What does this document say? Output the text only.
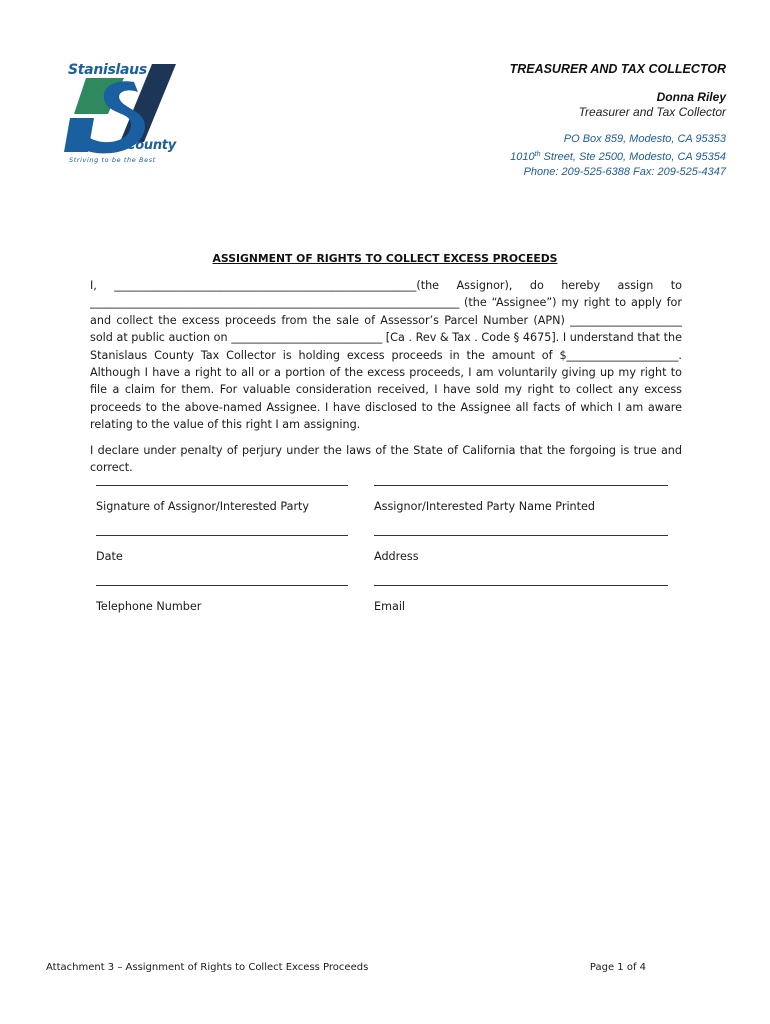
Stanislaus
County
Striving to be the Best
TREASURER AND TAX COLLECTOR
Donna Riley
Treasurer and Tax Collector
PO Box 859, Modesto, CA 95353
1010th Street, Ste 2500, Modesto, CA 95354
Phone: 209-525-6388 Fax: 209-525-4347
ASSIGNMENT OF RIGHTS TO COLLECT EXCESS PROCEEDS
I, ______________________________________________________(the Assignor), do hereby assign to __________________________________________________________________ (the “Assignee”) my right to apply for and collect the excess proceeds from the sale of Assessor’s Parcel Number (APN) ____________________ sold at public auction on ___________________________ [Ca . Rev & Tax . Code § 4675]. I understand that the Stanislaus County Tax Collector is holding excess proceeds in the amount of $____________________. Although I have a right to all or a portion of the excess proceeds, I am voluntarily giving up my right to file a claim for them. For valuable consideration received, I have sold my right to collect any excess proceeds to the above-named Assignee. I have disclosed to the Assignee all facts of which I am aware relating to the value of this right I am assigning.
I declare under penalty of perjury under the laws of the State of California that the forgoing is true and correct.
Signature of Assignor/Interested Party	Assignor/Interested Party Name Printed
Date	Address
Telephone Number	Email
Attachment 3 – Assignment of Rights to Collect Excess Proceeds	Page 1 of 4
